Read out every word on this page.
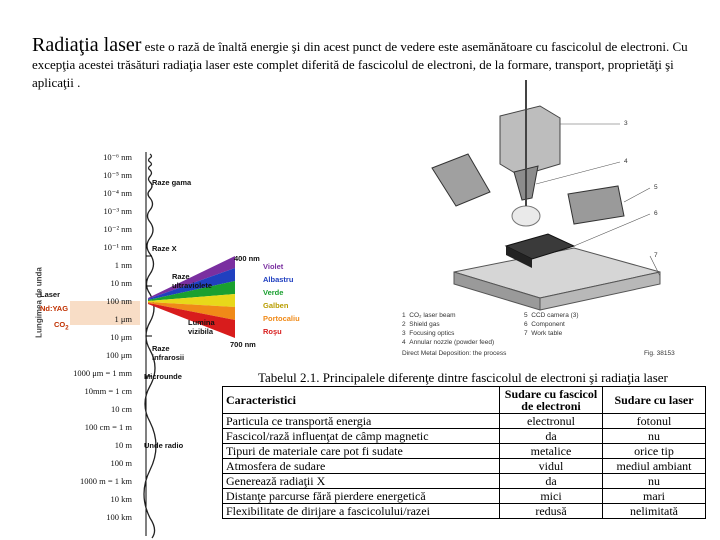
Radiaţia laser este o rază de înaltă energie şi din acest punct de vedere este asemănătoare cu fascicolul de electroni. Cu excepţia acestei trăsături radiaţia laser este complet diferită de fascicolul de electroni, de la formare, transport, proprietăţi şi aplicaţii .
Lungimea de unda
10⁻⁶ nm
10⁻⁵ nm
10⁻⁴ nm
10⁻³ nm
10⁻² nm
10⁻¹ nm
1 nm
10 nm
100 nm
1 μm
10 μm
100 μm
1000 μm = 1 mm
10mm = 1 cm
10 cm
100 cm = 1 m
10 m
100 m
1000 m = 1 km
10 km
100 km
Laser
Nd:YAG
$CO_2$
Raze gama
Raze X
Raze ultraviolete
Lumina vizibila
Raze infrarosii
Microunde
Unde radio
400 nm
700 nm
Violet
Albastru
Verde
Galben
Portocaliu
Roşu
3
4
5
6
7
1 CO₂ laser beam
2 Shield gas
3 Focusing optics
4 Annular nozzle (powder feed)
5 CCD camera (3)
6 Component
7 Work table
Direct Metal Deposition: the process	Fig. 38153
Tabelul 2.1. Principalele diferenţe dintre fascicolul de electroni şi radiaţia laser
Caracteristici	Sudare cu fascicol de electroni	Sudare cu laser
Particula ce transportă energia	electronul	fotonul
Fascicol/rază influenţat de câmp magnetic	da	nu
Tipuri de materiale care pot fi sudate	metalice	orice tip
Atmosfera de sudare	vidul	mediul ambiant
Generează radiaţii X	da	nu
Distanţe parcurse fără pierdere energetică	mici	mari
Flexibilitate de dirijare a fascicolului/razei	redusă	nelimitată
